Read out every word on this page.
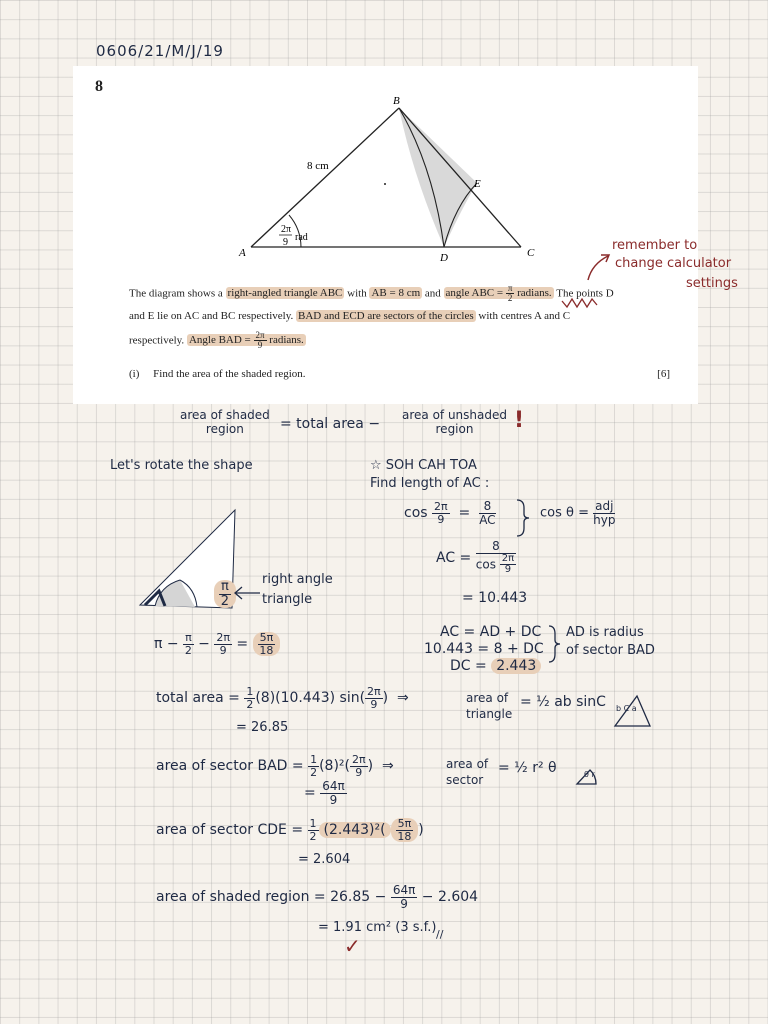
0606/21/M/J/19
8
A
B
C
D
E
8 cm
2π
9 rad
The diagram shows a right-angled triangle ABC with AB = 8 cm and angle ABC = $\frac{\pi}{2}$ radians. The points D
and E lie on AC and BC respectively. BAD and ECD are sectors of the circles with centres A and C
respectively. Angle BAD = $\frac{2\pi}{9}$ radians.
(i) Find the area of the shaded region.	[6]
remember to
change calculator
settings
area of shaded
region	= total area −
area of unshaded
region	!
Let's rotate the shape
$\frac{\pi}{2}$
right angle
triangle
$\pi - \frac{\pi}{2} - \frac{2\pi}{9} = \frac{5\pi}{18}$
☆ SOH CAH TOA
Find length of AC :
$\cos \frac{2\pi}{9} = \frac{8}{AC}$	$\cos \theta = \frac{\text{adj}}{\text{hyp}}$
AC = $\frac{8}{\cos \frac{2\pi}{9}}$
= 10.443
AC = AD + DC
10.443 = 8 + DC
DC = 2.443
AD is radius
of sector BAD
total area = $\frac{1}{2} (8)(10.443)$ $\sin( \frac{2\pi}{9}$ ) ⇒	area of
triangle
= ½ ab sinC b C a
= 26.85
area of sector BAD = $\frac{1}{2} (8)^2( \frac{2\pi}{9}$ ) ⇒	area of
sector
= ½ r² θ	θ r
= $\frac{64\pi}{9}$
area of sector CDE = $\frac{1}{2} (2.443)^2( \frac{5\pi}{18}$ )
= 2.604
area of shaded region = $26.85 - \frac{64\pi}{9} - 2.604$
= 1.91 cm² (3 s.f.) //
✓
